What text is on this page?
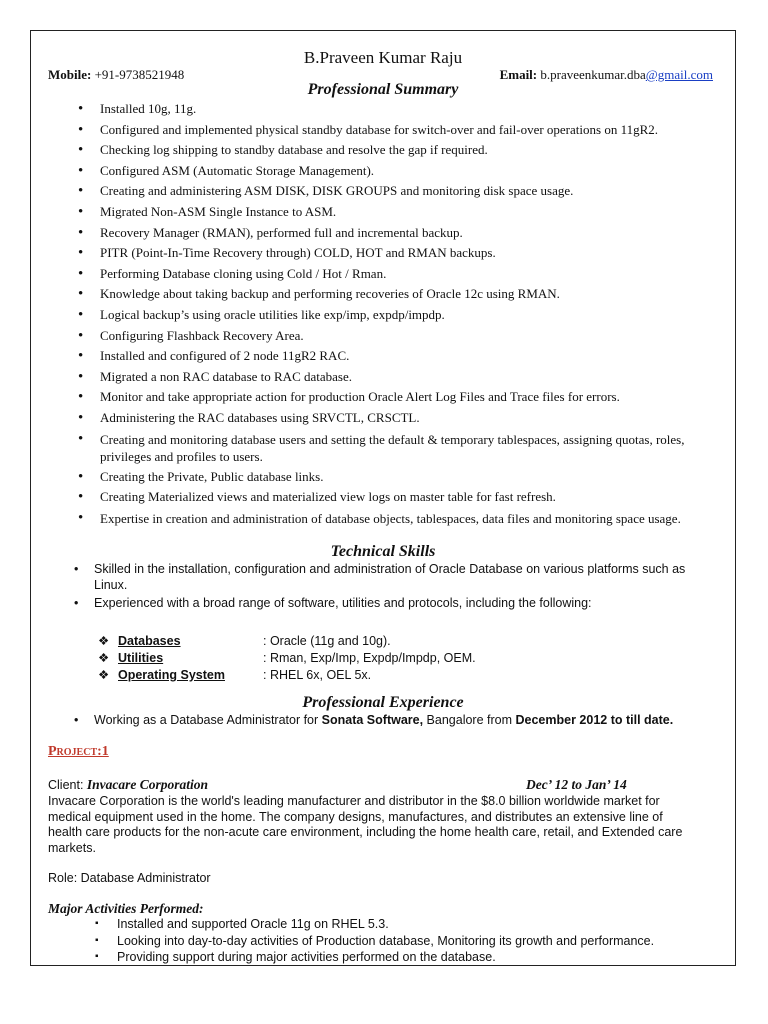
B.Praveen Kumar Raju
Mobile: +91-9738521948	Email: b.praveenkumar.dba@gmail.com
Professional Summary
• Installed 10g, 11g.
• Configured and implemented physical standby database for switch-over and fail-over operations on 11gR2.
• Checking log shipping to standby database and resolve the gap if required.
• Configured ASM (Automatic Storage Management).
• Creating and administering ASM DISK, DISK GROUPS and monitoring disk space usage.
• Migrated Non-ASM Single Instance to ASM.
• Recovery Manager (RMAN), performed full and incremental backup.
• PITR (Point-In-Time Recovery through) COLD, HOT and RMAN backups.
• Performing Database cloning using Cold / Hot / Rman.
• Knowledge about taking backup and performing recoveries of Oracle 12c using RMAN.
• Logical backup’s using oracle utilities like exp/imp, expdp/impdp.
• Configuring Flashback Recovery Area.
• Installed and configured of 2 node 11gR2 RAC.
• Migrated a non RAC database to RAC database.
• Monitor and take appropriate action for production Oracle Alert Log Files and Trace files for errors.
• Administering the RAC databases using SRVCTL, CRSCTL.
• Creating and monitoring database users and setting the default & temporary tablespaces, assigning quotas, roles, privileges and profiles to users.
• Creating the Private, Public database links.
• Creating Materialized views and materialized view logs on master table for fast refresh.
• Expertise in creation and administration of database objects, tablespaces, data files and monitoring space usage.
Technical Skills
• Skilled in the installation, configuration and administration of Oracle Database on various platforms such as Linux.
• Experienced with a broad range of software, utilities and protocols, including the following:
❖ Databases	: Oracle (11g and 10g).
❖ Utilities	: Rman, Exp/Imp, Expdp/Impdp, OEM.
❖ Operating System	: RHEL 6x, OEL 5x.
Professional Experience
• Working as a Database Administrator for Sonata Software, Bangalore from December 2012 to till date.
Project:1
Client: Invacare Corporation	Dec’ 12 to Jan’ 14
Invacare Corporation is the world's leading manufacturer and distributor in the $8.0 billion worldwide market for medical equipment used in the home. The company designs, manufactures, and distributes an extensive line of health care products for the non-acute care environment, including the home health care, retail, and Extended care markets.
Role: Database Administrator
Major Activities Performed:
▪ Installed and supported Oracle 11g on RHEL 5.3.
▪ Looking into day-to-day activities of Production database, Monitoring its growth and performance.
▪ Providing support during major activities performed on the database.
